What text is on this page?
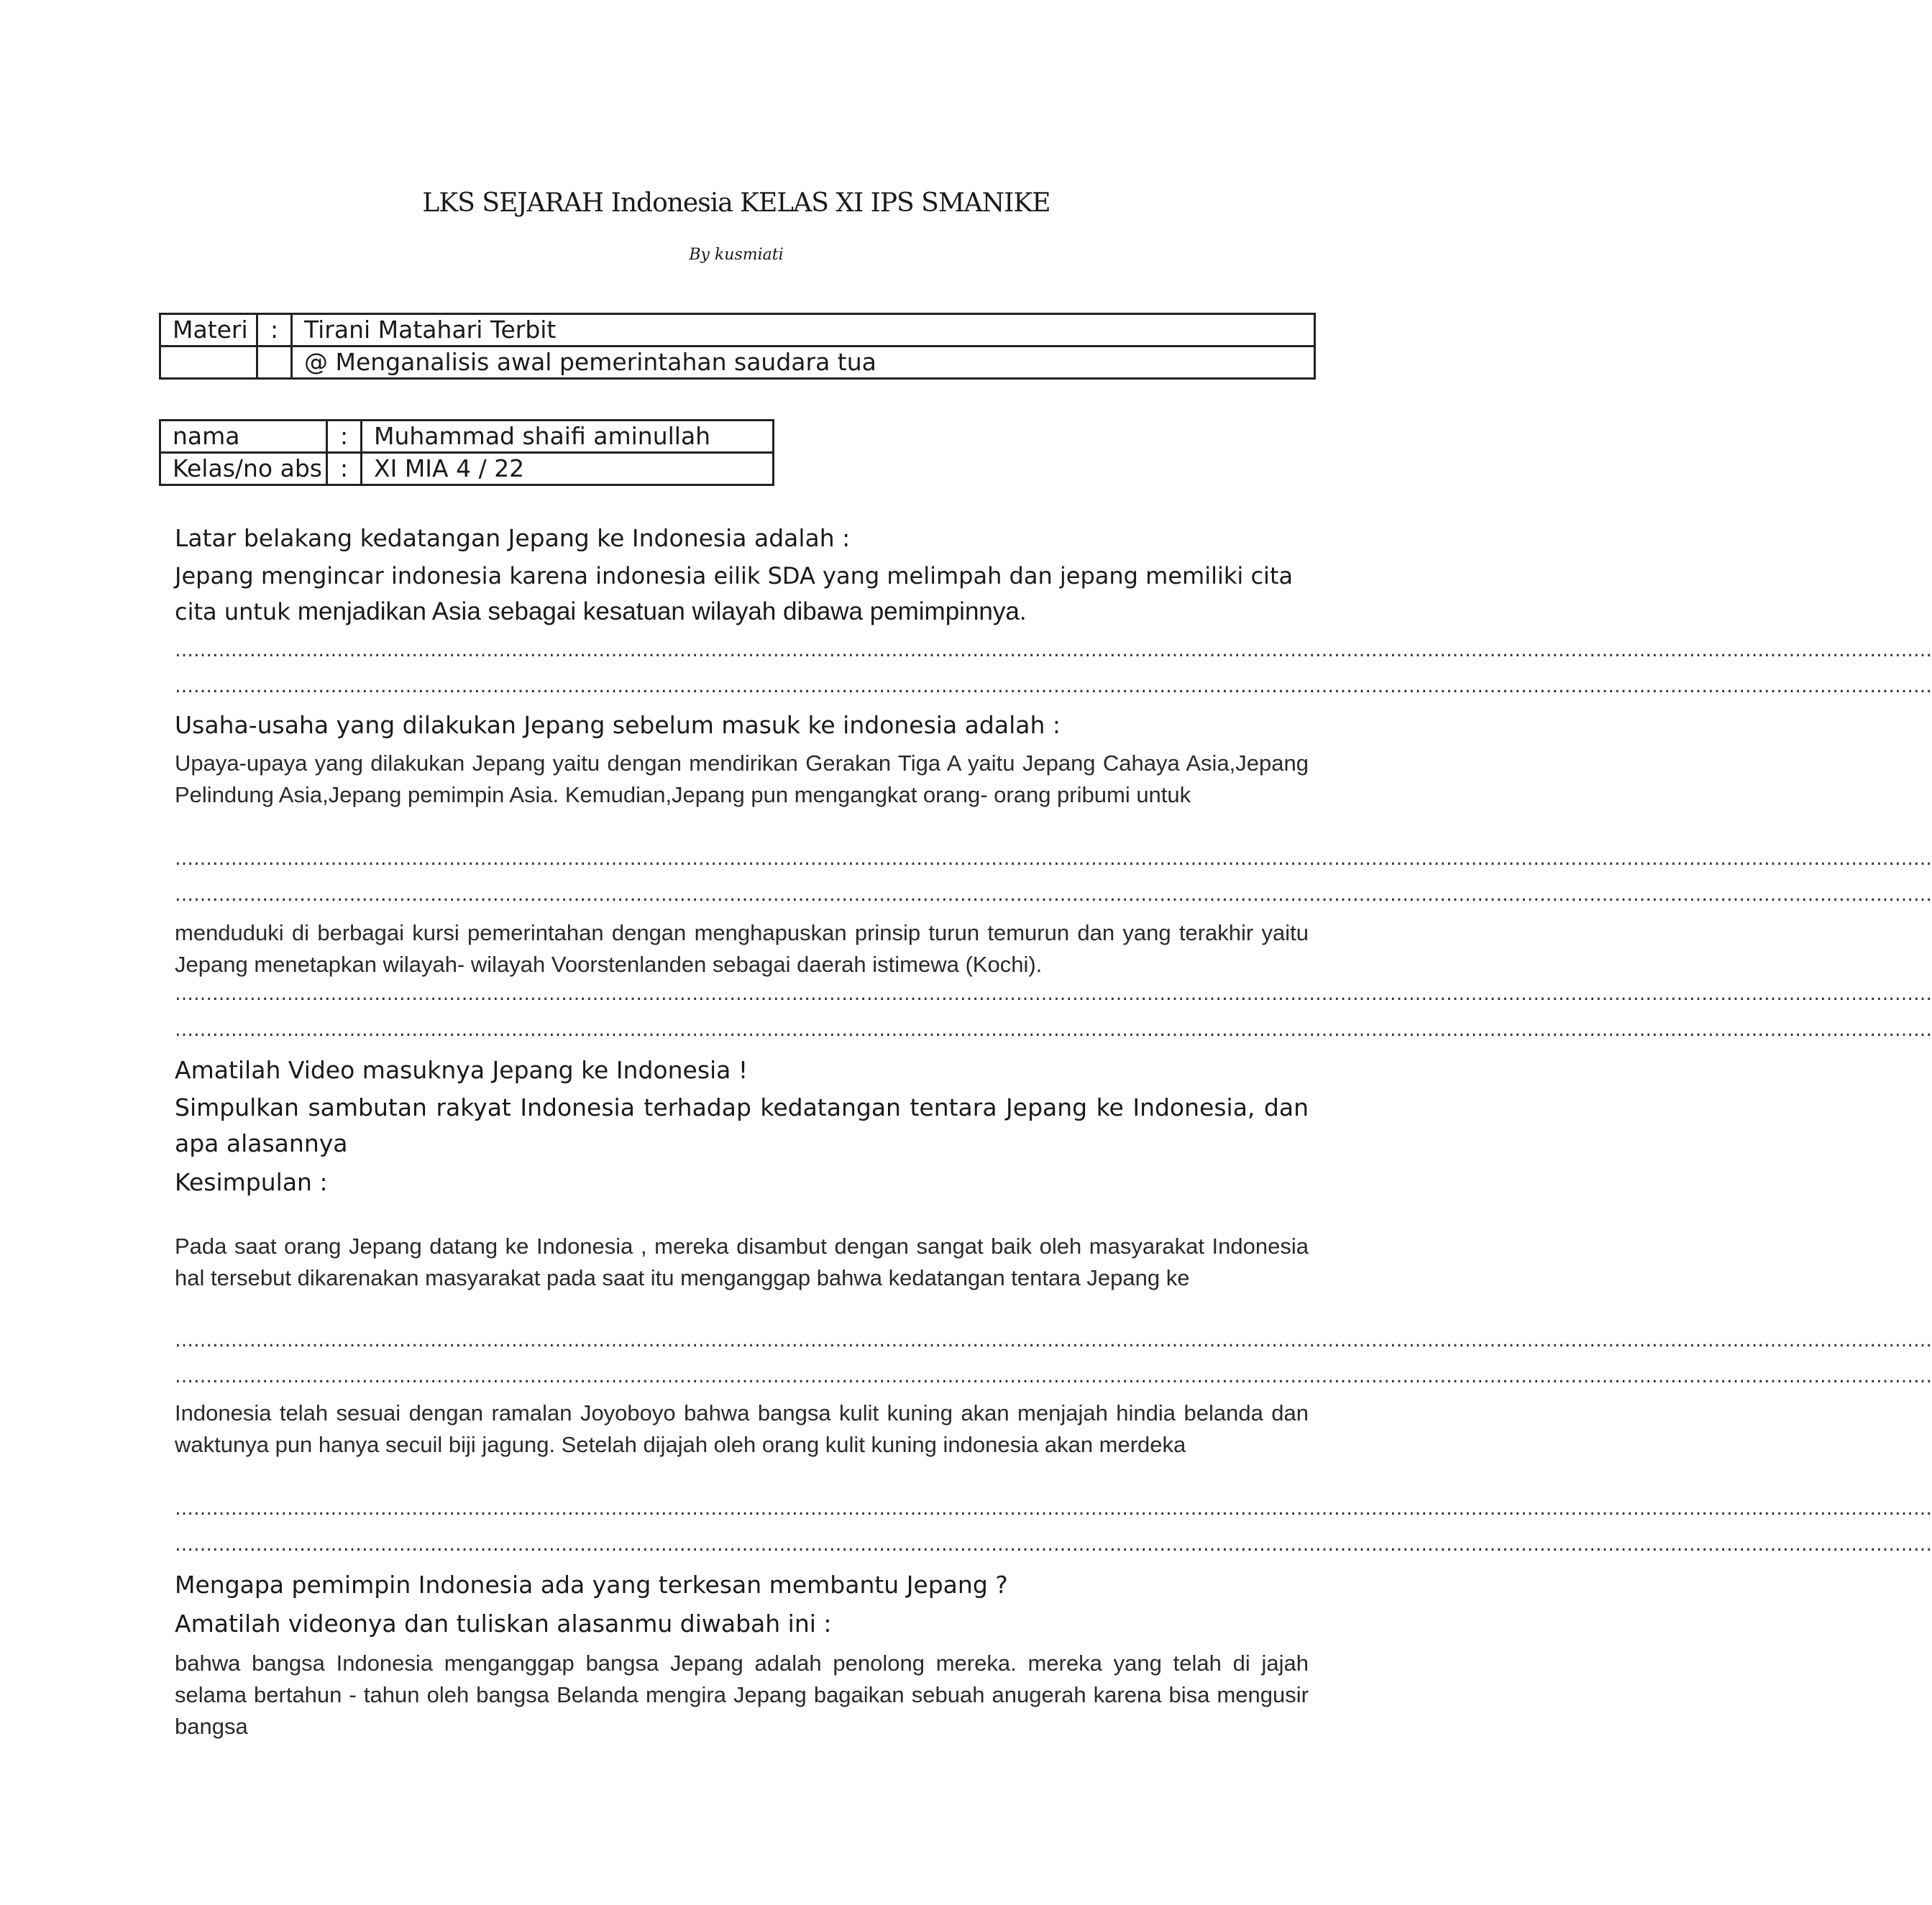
LKS SEJARAH Indonesia KELAS XI IPS SMANIKE
By kusmiati
Materi	:	Tirani Matahari Terbit
		@ Menganalisis awal pemerintahan saudara tua
nama	:	Muhammad shaifi aminullah
Kelas/no abs	:	XI MIA 4 / 22
Latar belakang kedatangan Jepang ke Indonesia adalah :
Jepang mengincar indonesia karena indonesia eilik SDA yang melimpah dan jepang memiliki cita cita untuk menjadikan Asia sebagai kesatuan wilayah dibawa pemimpinnya.
…………………………………………………………………………………………………………………………………………………………………………………………………………………………………………………………
…………………………………………………………………………………………………………………………………………………………………………………………………………………………………………………………
Usaha-usaha yang dilakukan Jepang sebelum masuk ke indonesia adalah :
Upaya-upaya yang dilakukan Jepang yaitu dengan mendirikan Gerakan Tiga A yaitu Jepang Cahaya Asia,Jepang Pelindung Asia,Jepang pemimpin Asia. Kemudian,Jepang pun mengangkat orang- orang pribumi untuk
…………………………………………………………………………………………………………………………………………………………………………………………………………………………………………………………
…………………………………………………………………………………………………………………………………………………………………………………………………………………………………………………………
menduduki di berbagai kursi pemerintahan dengan menghapuskan prinsip turun temurun dan yang terakhir yaitu Jepang menetapkan wilayah- wilayah Voorstenlanden sebagai daerah istimewa (Kochi).
…………………………………………………………………………………………………………………………………………………………………………………………………………………………………………………………
…………………………………………………………………………………………………………………………………………………………………………………………………………………………………………………………
Amatilah Video masuknya Jepang ke Indonesia !
Simpulkan sambutan rakyat Indonesia terhadap kedatangan tentara Jepang ke Indonesia, dan apa alasannya
Kesimpulan :
Pada saat orang Jepang datang ke Indonesia , mereka disambut dengan sangat baik oleh masyarakat Indonesia hal tersebut dikarenakan masyarakat pada saat itu menganggap bahwa kedatangan tentara Jepang ke
…………………………………………………………………………………………………………………………………………………………………………………………………………………………………………………………
…………………………………………………………………………………………………………………………………………………………………………………………………………………………………………………………
Indonesia telah sesuai dengan ramalan Joyoboyo bahwa bangsa kulit kuning akan menjajah hindia belanda dan waktunya pun hanya secuil biji jagung. Setelah dijajah oleh orang kulit kuning indonesia akan merdeka
…………………………………………………………………………………………………………………………………………………………………………………………………………………………………………………………
…………………………………………………………………………………………………………………………………………………………………………………………………………………………………………………………
Mengapa pemimpin Indonesia ada yang terkesan membantu Jepang ?
Amatilah videonya dan tuliskan alasanmu diwabah ini :
bahwa bangsa Indonesia menganggap bangsa Jepang adalah penolong mereka. mereka yang telah di jajah selama bertahun - tahun oleh bangsa Belanda mengira Jepang bagaikan sebuah anugerah karena bisa mengusir bangsa
